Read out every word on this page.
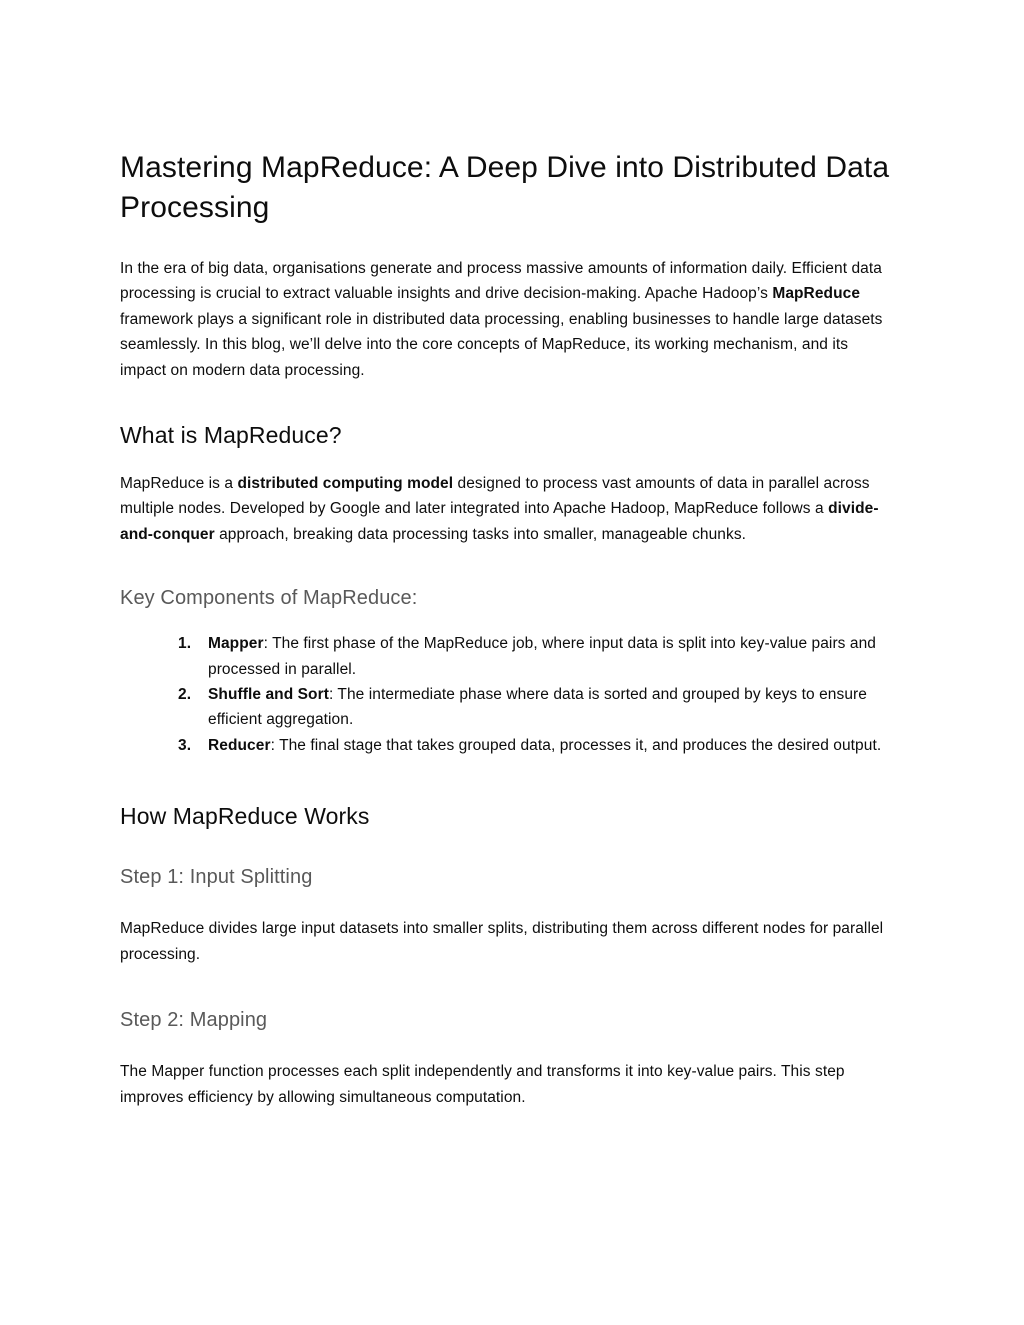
Mastering MapReduce: A Deep Dive into Distributed Data Processing

In the era of big data, organisations generate and process massive amounts of information daily. Efficient data processing is crucial to extract valuable insights and drive decision-making. Apache Hadoop’s MapReduce framework plays a significant role in distributed data processing, enabling businesses to handle large datasets seamlessly. In this blog, we’ll delve into the core concepts of MapReduce, its working mechanism, and its impact on modern data processing.

What is MapReduce?

MapReduce is a distributed computing model designed to process vast amounts of data in parallel across multiple nodes. Developed by Google and later integrated into Apache Hadoop, MapReduce follows a divide-and-conquer approach, breaking data processing tasks into smaller, manageable chunks.

Key Components of MapReduce:
Mapper: The first phase of the MapReduce job, where input data is split into key-value pairs and processed in parallel.
Shuffle and Sort: The intermediate phase where data is sorted and grouped by keys to ensure efficient aggregation.
Reducer: The final stage that takes grouped data, processes it, and produces the desired output.
How MapReduce Works
Step 1: Input Splitting

MapReduce divides large input datasets into smaller splits, distributing them across different nodes for parallel processing.

Step 2: Mapping

The Mapper function processes each split independently and transforms it into key-value pairs. This step improves efficiency by allowing simultaneous computation.
